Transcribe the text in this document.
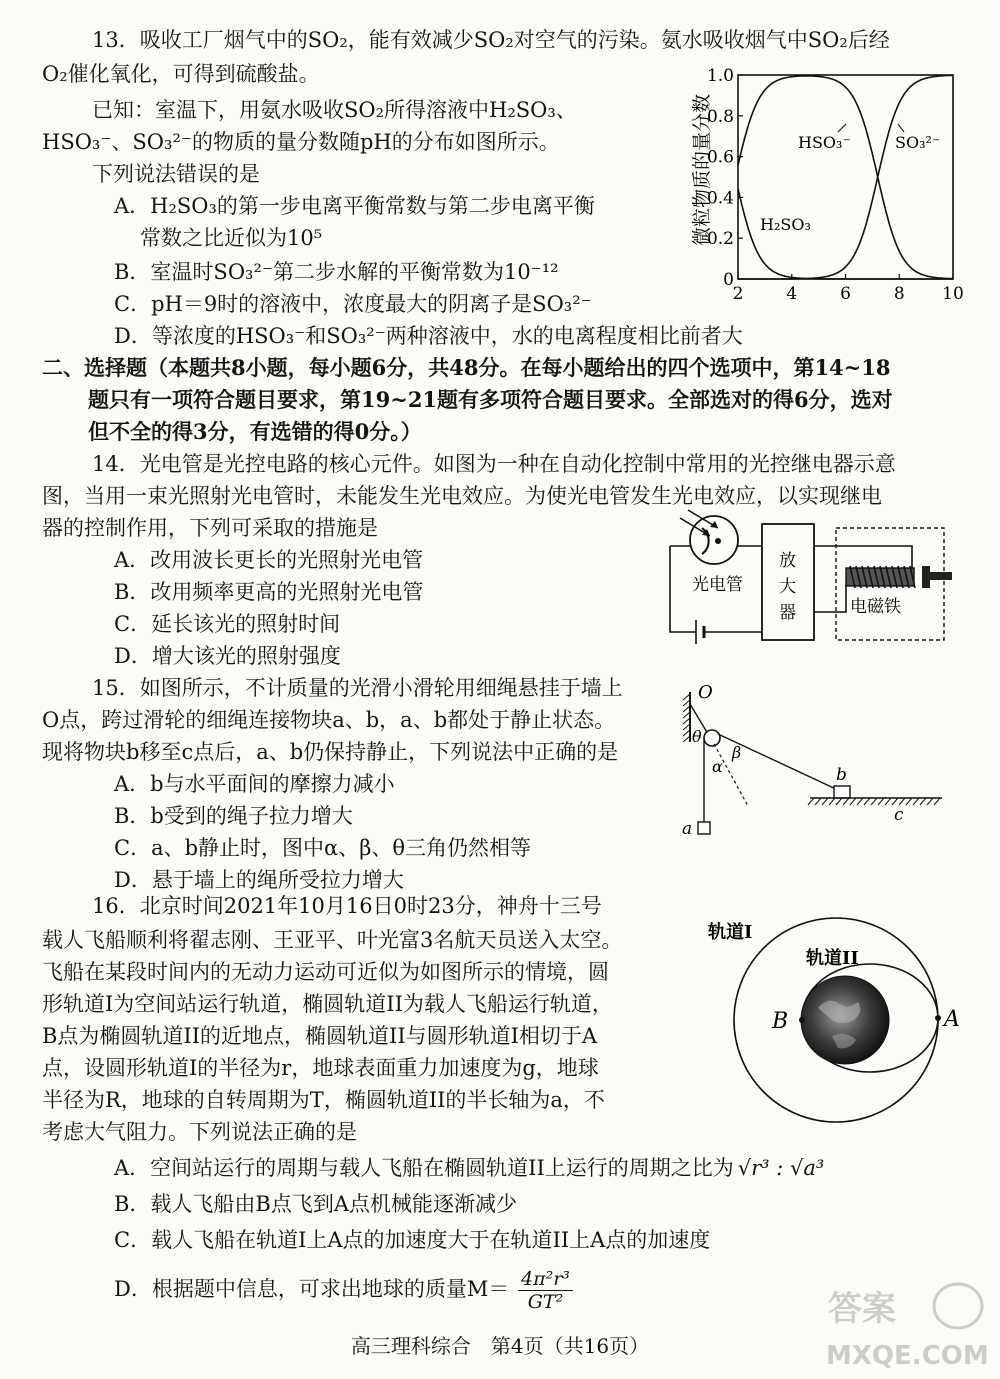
13．吸收工厂烟气中的SO₂，能有效减少SO₂对空气的污染。氨水吸收烟气中SO₂后经
O₂催化氧化，可得到硫酸盐。
已知：室温下，用氨水吸收SO₂所得溶液中H₂SO₃、
HSO₃⁻、SO₃²⁻的物质的量分数随pH的分布如图所示。
下列说法错误的是
A．H₂SO₃的第一步电离平衡常数与第二步电离平衡
常数之比近似为10⁵
B．室温时SO₃²⁻第二步水解的平衡常数为10⁻¹²
C．pH＝9时的溶液中，浓度最大的阴离子是SO₃²⁻
D．等浓度的HSO₃⁻和SO₃²⁻两种溶液中，水的电离程度相比前者大
微粒物质的量分数
2	4	6	8 10
0
0.2
0.4
0.6
0.8
1.0
HSO₃⁻	SO₃²⁻
H₂SO₃
二、选择题（本题共8小题，每小题6分，共48分。在每小题给出的四个选项中，第14~18
题只有一项符合题目要求，第19~21题有多项符合题目要求。全部选对的得6分，选对
但不全的得3分，有选错的得0分。）
14．光电管是光控电路的核心元件。如图为一种在自动化控制中常用的光控继电器示意
图，当用一束光照射光电管时，未能发生光电效应。为使光电管发生光电效应，以实现继电
器的控制作用，下列可采取的措施是
A．改用波长更长的光照射光电管
B．改用频率更高的光照射光电管
C．延长该光的照射时间
D．增大该光的照射强度
光电管
放
大
器	电磁铁
15．如图所示，不计质量的光滑小滑轮用细绳悬挂于墙上
O点，跨过滑轮的细绳连接物块a、b，a、b都处于静止状态。
现将物块b移至c点后，a、b仍保持静止，下列说法中正确的是
A．b与水平面间的摩擦力减小
B．b受到的绳子拉力增大
C．a、b静止时，图中α、β、θ三角仍然相等
D．悬于墙上的绳所受拉力增大
O
θ
a
α
β
b
c
16．北京时间2021年10月16日0时23分，神舟十三号
载人飞船顺利将翟志刚、王亚平、叶光富3名航天员送入太空。
飞船在某段时间内的无动力运动可近似为如图所示的情境，圆
形轨道I为空间站运行轨道，椭圆轨道II为载人飞船运行轨道，
B点为椭圆轨道II的近地点，椭圆轨道II与圆形轨道I相切于A
点，设圆形轨道I的半径为r，地球表面重力加速度为g，地球
半径为R，地球的自转周期为T，椭圆轨道II的半长轴为a，不
考虑大气阻力。下列说法正确的是
A．空间站运行的周期与载人飞船在椭圆轨道II上运行的周期之比为 √r³ : √a³
B．载人飞船由B点飞到A点机械能逐渐减少
C．载人飞船在轨道I上A点的加速度大于在轨道II上A点的加速度
D．根据题中信息，可求出地球的质量$M= \frac{\text{4π²r³}}{\text{GT²}}$
轨道I
轨道II
B	A
高三理科综合　第4页（共16页）
答案
MXQE.COM
